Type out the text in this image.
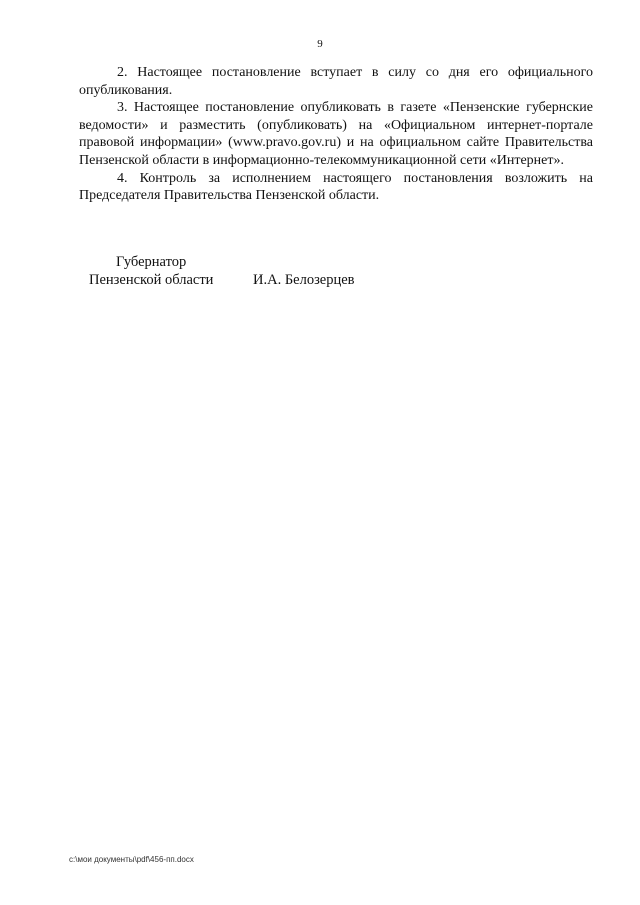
9

2. Настоящее постановление вступает в силу со дня его официального опубликования.

3. Настоящее постановление опубликовать в газете «Пензенские губернские ведомости» и разместить (опубликовать) на «Официальном интернет-портале правовой информации» (www.pravo.gov.ru) и на официальном сайте Правительства Пензенской области в информационно-телекоммуникационной сети «Интернет».

4. Контроль за исполнением настоящего постановления возложить на Председателя Правительства Пензенской области.

Губернатор
Пензенской области	И.А. Белозерцев
c:\мои документы\pdf\456-пп.docx
